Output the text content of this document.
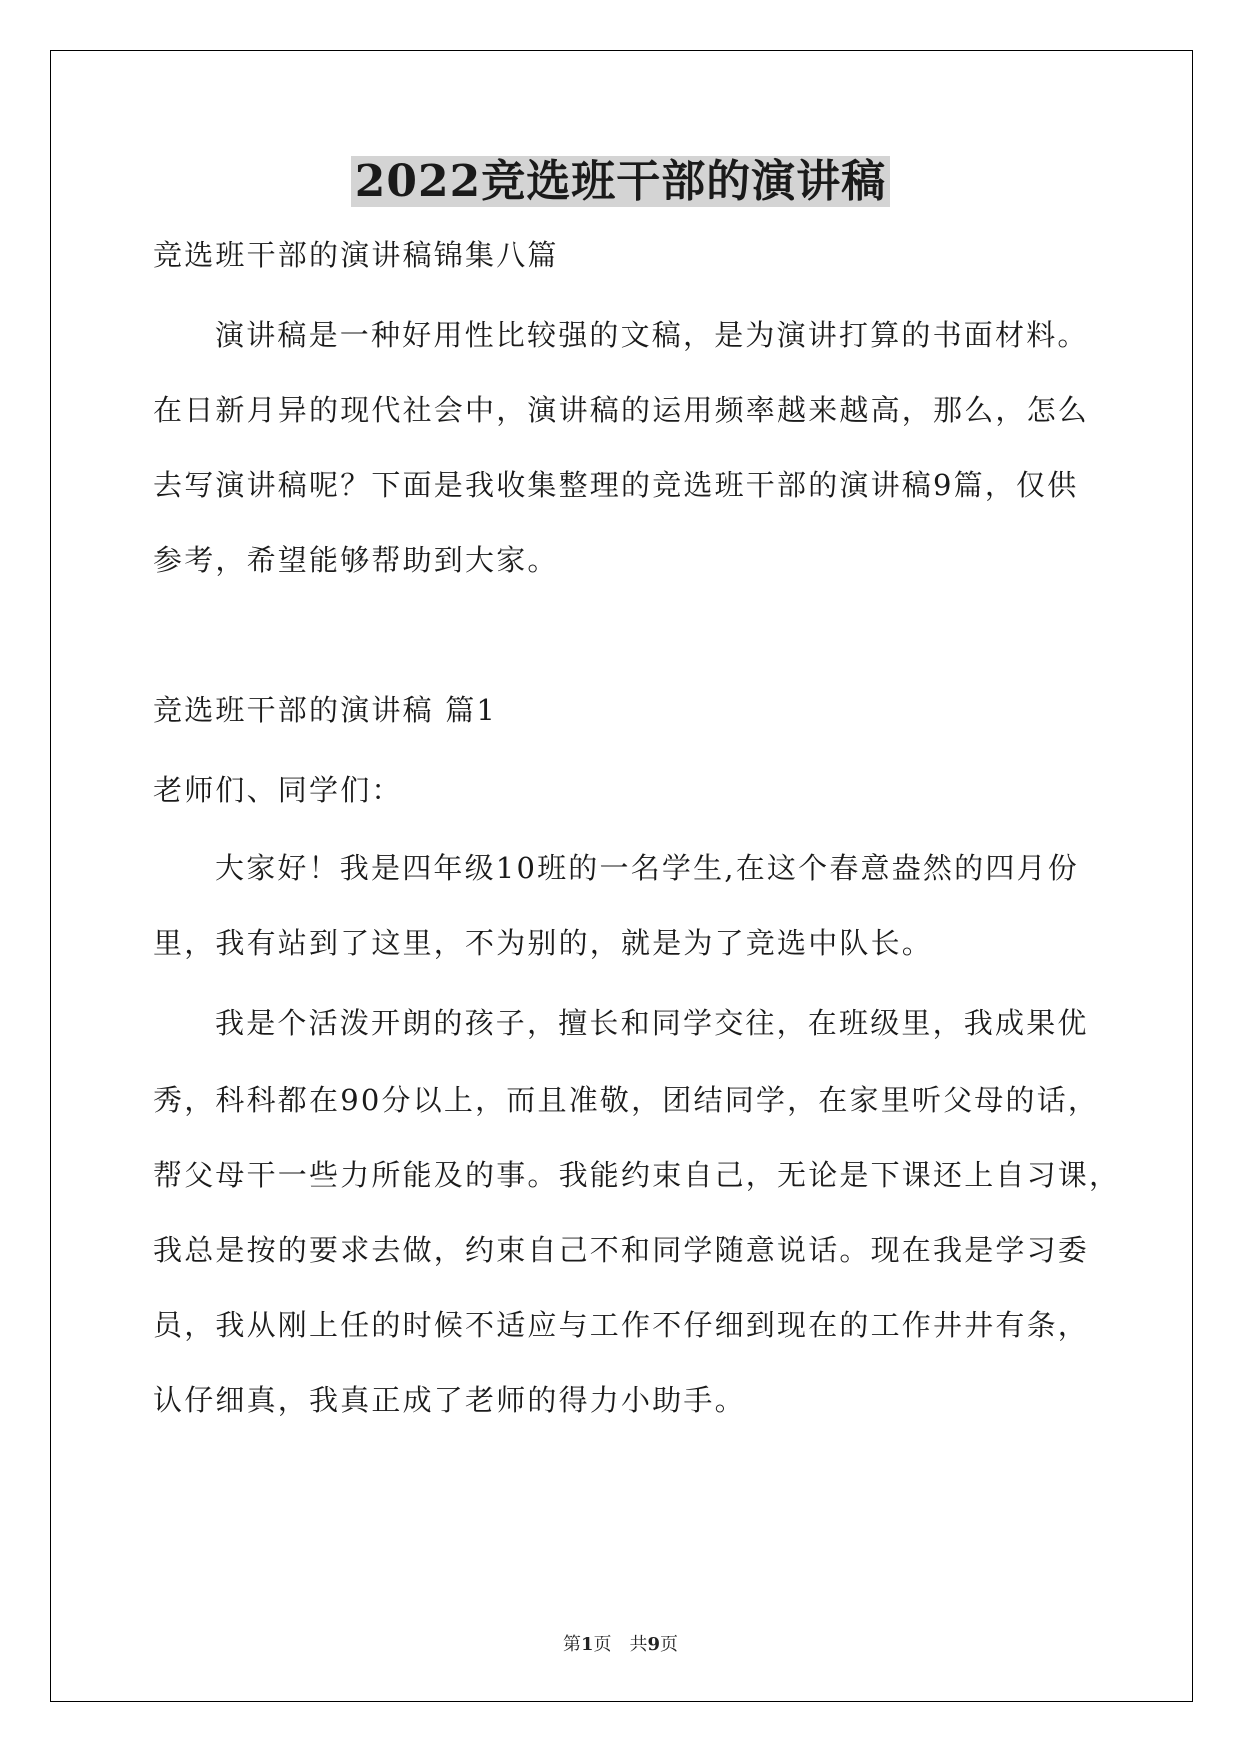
2022竞选班干部的演讲稿
竞选班干部的演讲稿锦集八篇
演讲稿是一种好用性比较强的文稿，是为演讲打算的书面材料。
在日新月异的现代社会中，演讲稿的运用频率越来越高，那么，怎么
去写演讲稿呢？下面是我收集整理的竞选班干部的演讲稿9篇，仅供
参考，希望能够帮助到大家。
竞选班干部的演讲稿 篇1
老师们、同学们：
大家好！我是四年级10班的一名学生,在这个春意盎然的四月份
里，我有站到了这里，不为别的，就是为了竞选中队长。
我是个活泼开朗的孩子，擅长和同学交往，在班级里，我成果优
秀，科科都在90分以上，而且准敬，团结同学，在家里听父母的话，
帮父母干一些力所能及的事。我能约束自己，无论是下课还上自习课，
我总是按的要求去做，约束自己不和同学随意说话。现在我是学习委
员，我从刚上任的时候不适应与工作不仔细到现在的工作井井有条，
认仔细真，我真正成了老师的得力小助手。
第1页　共9页
